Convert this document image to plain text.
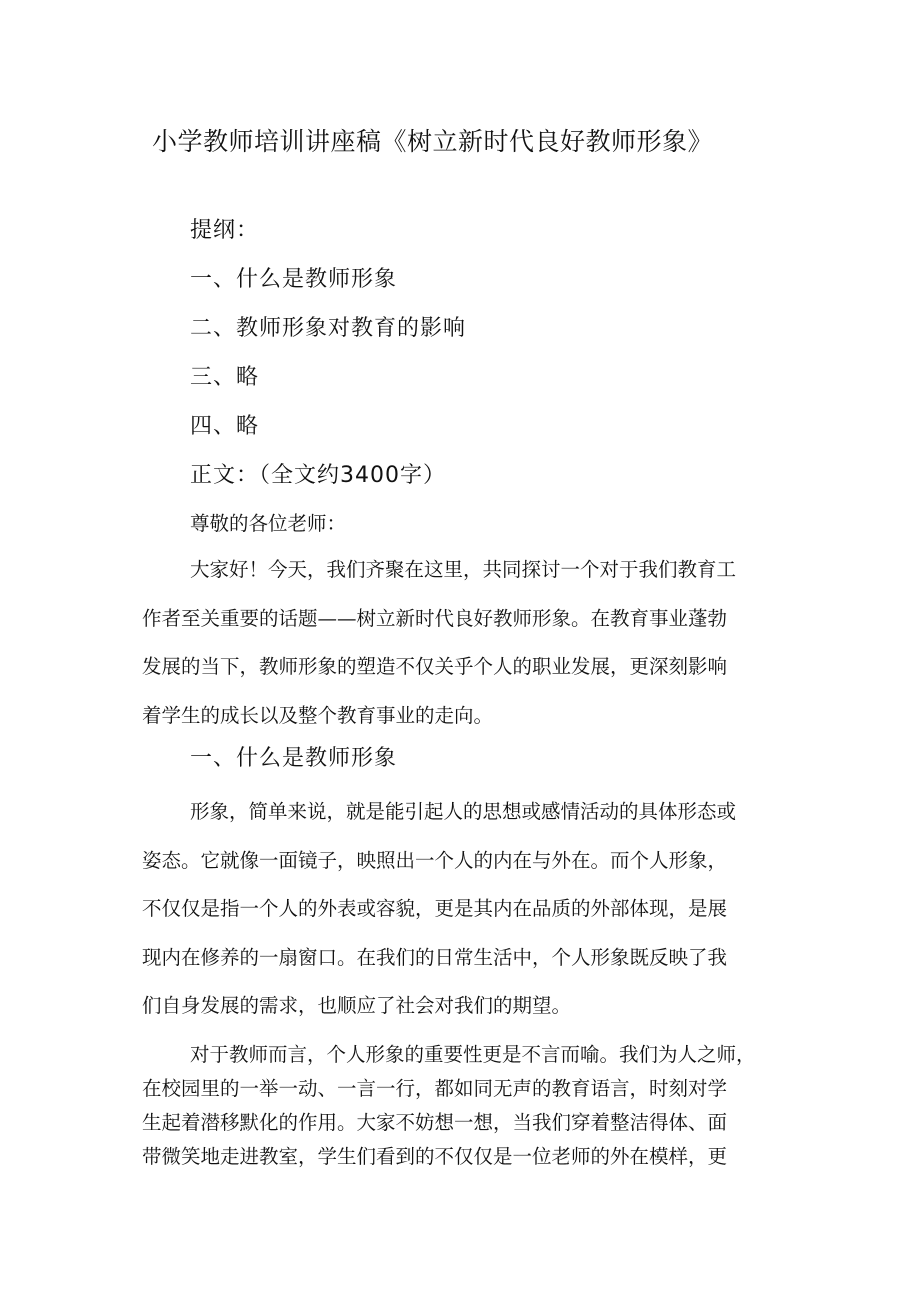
小学教师培训讲座稿《树立新时代良好教师形象》
提纲：
一、什么是教师形象
二、教师形象对教育的影响
三、略
四、略
正文：（全文约3400字）
尊敬的各位老师：

大家好！今天，我们齐聚在这里，共同探讨一个对于我们教育工
作者至关重要的话题——树立新时代良好教师形象。在教育事业蓬勃
发展的当下，教师形象的塑造不仅关乎个人的职业发展，更深刻影响
着学生的成长以及整个教育事业的走向。

一、什么是教师形象

形象，简单来说，就是能引起人的思想或感情活动的具体形态或
姿态。它就像一面镜子，映照出一个人的内在与外在。而个人形象，
不仅仅是指一个人的外表或容貌，更是其内在品质的外部体现，是展
现内在修养的一扇窗口。在我们的日常生活中，个人形象既反映了我
们自身发展的需求，也顺应了社会对我们的期望。

对于教师而言，个人形象的重要性更是不言而喻。我们为人之师，
在校园里的一举一动、一言一行，都如同无声的教育语言，时刻对学
生起着潜移默化的作用。大家不妨想一想，当我们穿着整洁得体、面
带微笑地走进教室，学生们看到的不仅仅是一位老师的外在模样，更
